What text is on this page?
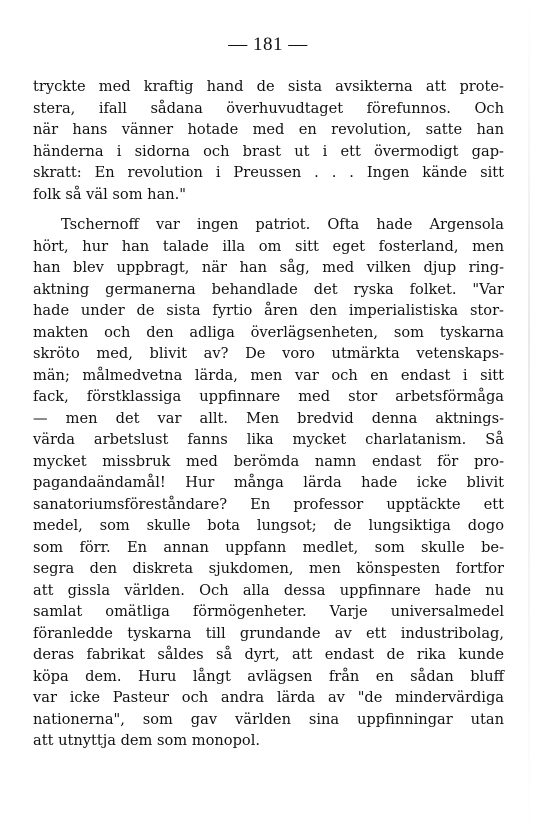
— 181 —
tryckte med kraftig hand de sista avsikterna att prote-
stera, ifall sådana överhuvudtaget förefunnos. Och
när hans vänner hotade med en revolution, satte han
händerna i sidorna och brast ut i ett övermodigt gap-
skratt: En revolution i Preussen . . . Ingen kände sitt
folk så väl som han."
Tschernoff var ingen patriot. Ofta hade Argensola
hört, hur han talade illa om sitt eget fosterland, men
han blev uppbragt, när han såg, med vilken djup ring-
aktning germanerna behandlade det ryska folket. "Var
hade under de sista fyrtio åren den imperialistiska stor-
makten och den adliga överlägsenheten, som tyskarna
skröto med, blivit av? De voro utmärkta vetenskaps-
män; målmedvetna lärda, men var och en endast i sitt
fack, förstklassiga uppfinnare med stor arbetsförmåga
— men det var allt. Men bredvid denna aktnings-
värda arbetslust fanns lika mycket charlatanism. Så
mycket missbruk med berömda namn endast för pro-
pagandaändamål! Hur många lärda hade icke blivit
sanatoriumsföreståndare? En professor upptäckte ett
medel, som skulle bota lungsot; de lungsiktiga dogo
som förr. En annan uppfann medlet, som skulle be-
segra den diskreta sjukdomen, men könspesten fortfor
att gissla världen. Och alla dessa uppfinnare hade nu
samlat omätliga förmögenheter. Varje universalmedel
föranledde tyskarna till grundande av ett industribolag,
deras fabrikat såldes så dyrt, att endast de rika kunde
köpa dem. Huru långt avlägsen från en sådan bluff
var icke Pasteur och andra lärda av "de mindervärdiga
nationerna", som gav världen sina uppfinningar utan
att utnyttja dem som monopol.
